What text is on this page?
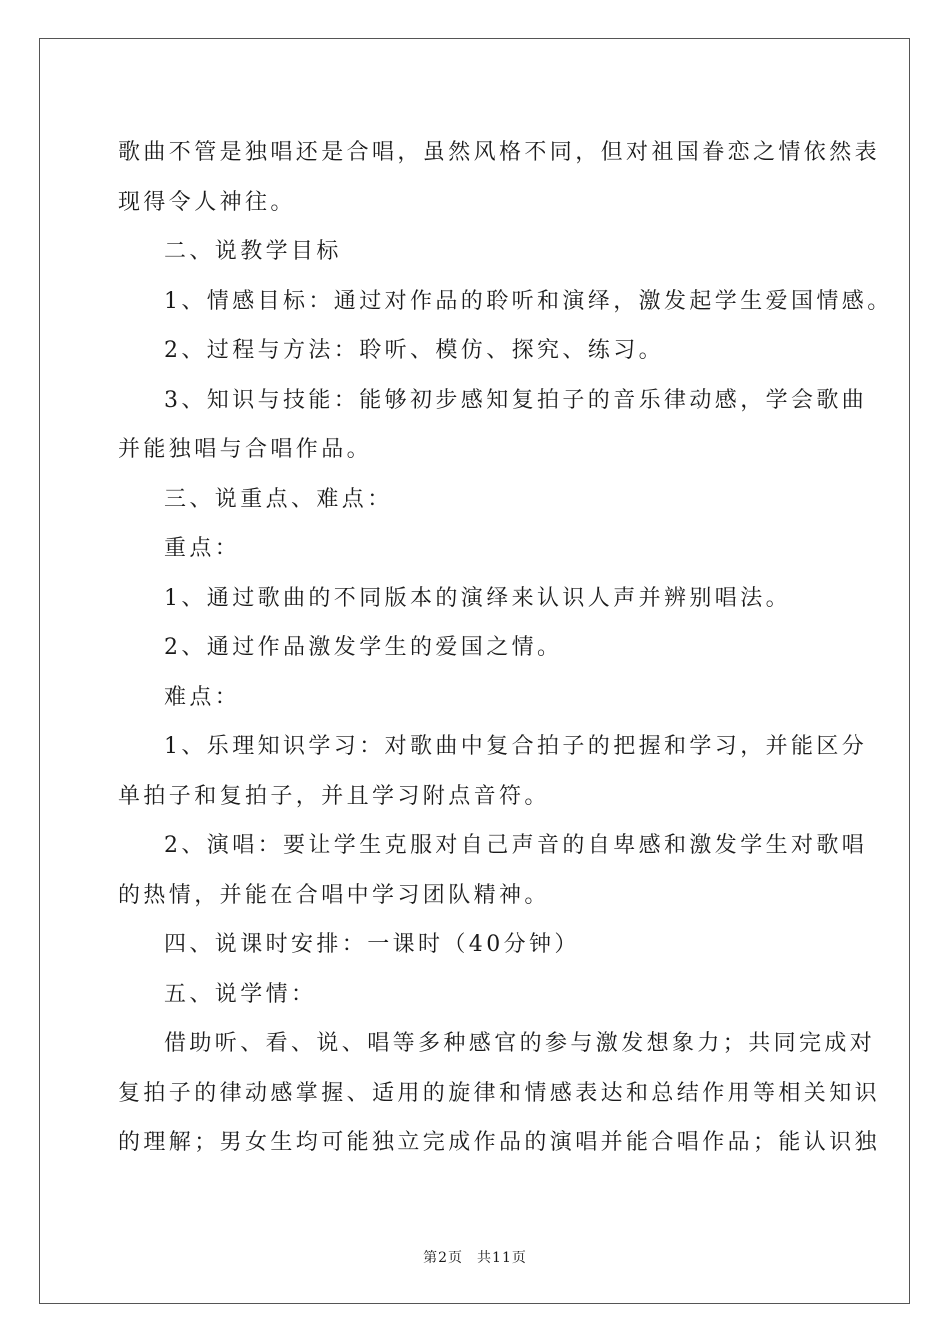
歌曲不管是独唱还是合唱，虽然风格不同，但对祖国眷恋之情依然表

现得令人神往。

二、说教学目标

1、情感目标：通过对作品的聆听和演绎，激发起学生爱国情感。

2、过程与方法：聆听、模仿、探究、练习。

3、知识与技能：能够初步感知复拍子的音乐律动感，学会歌曲

并能独唱与合唱作品。

三、说重点、难点：

重点：

1、通过歌曲的不同版本的演绎来认识人声并辨别唱法。

2、通过作品激发学生的爱国之情。

难点：

1、乐理知识学习：对歌曲中复合拍子的把握和学习，并能区分

单拍子和复拍子，并且学习附点音符。

2、演唱：要让学生克服对自己声音的自卑感和激发学生对歌唱

的热情，并能在合唱中学习团队精神。

四、说课时安排：一课时（40分钟）

五、说学情：

借助听、看、说、唱等多种感官的参与激发想象力；共同完成对

复拍子的律动感掌握、适用的旋律和情感表达和总结作用等相关知识

的理解；男女生均可能独立完成作品的演唱并能合唱作品；能认识独

第2页 共11页
